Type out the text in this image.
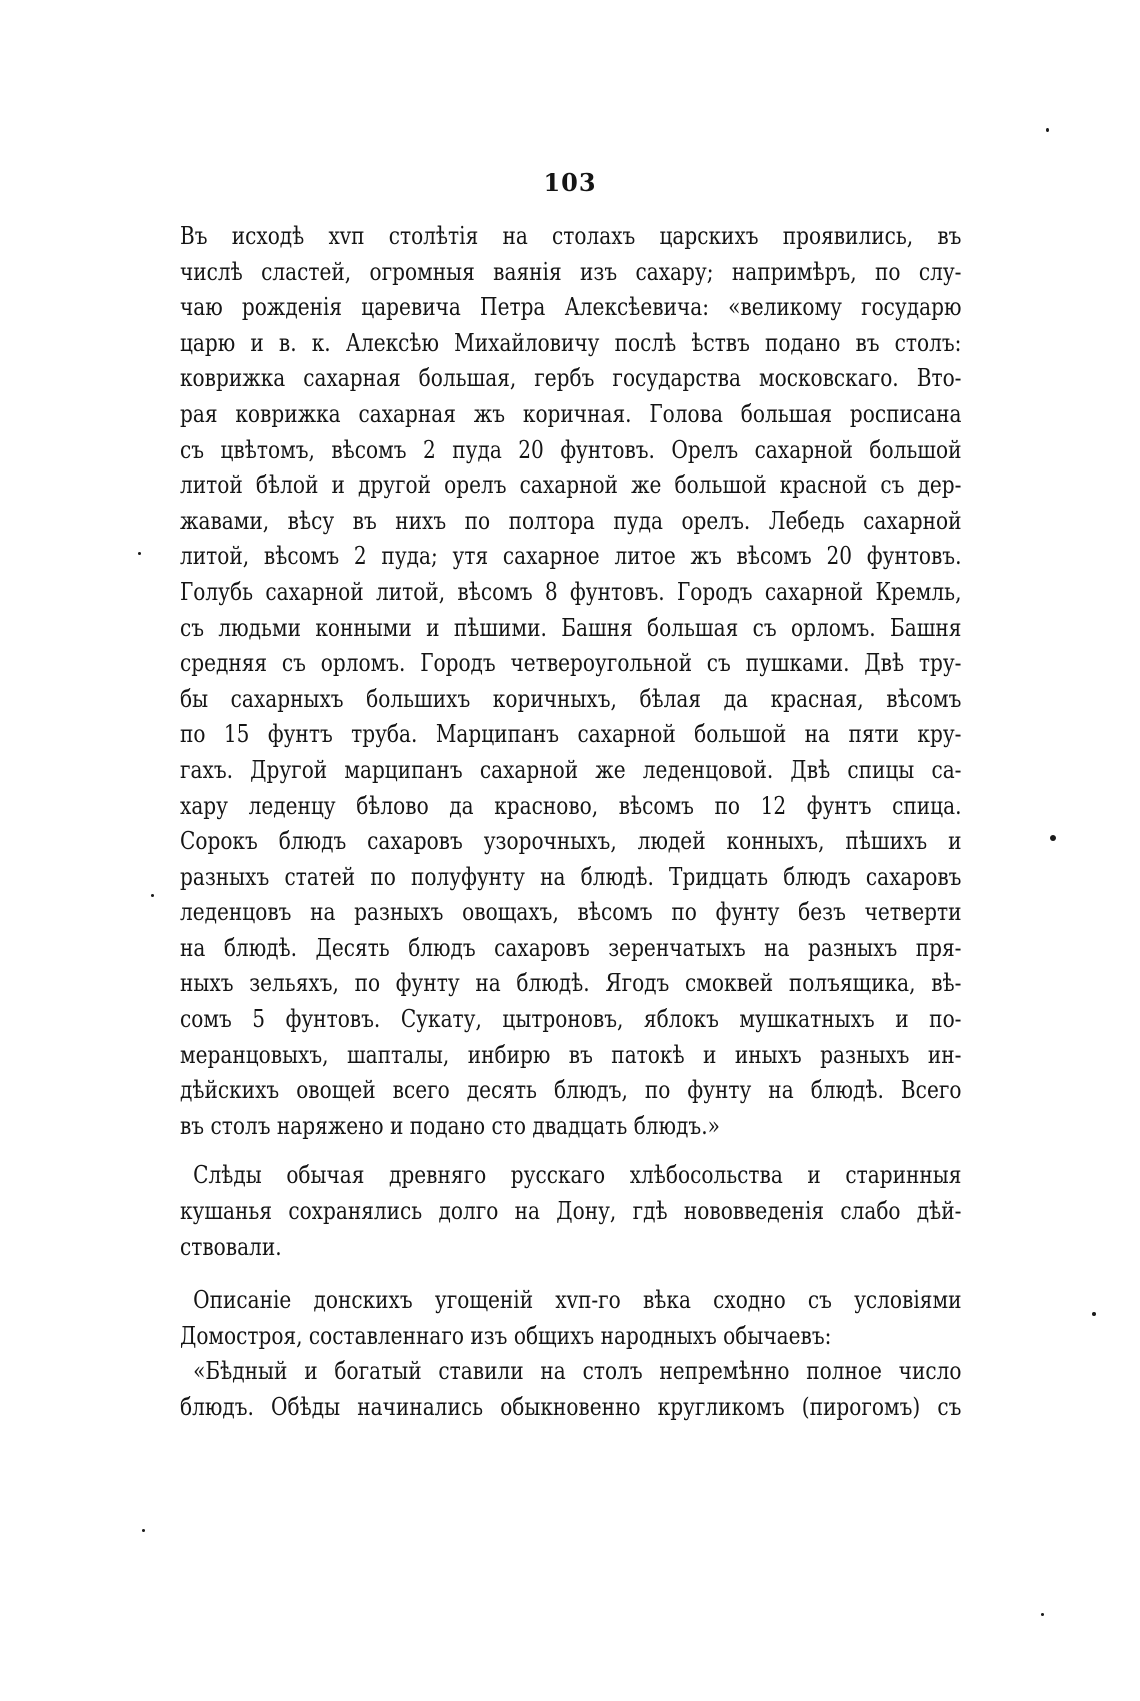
103
Въ исходѣ xvп столѣтія на столахъ царскихъ проявились, въ
числѣ сластей, огромныя ваянія изъ сахару; напримѣръ, по слу-
чаю рожденія царевича Петра Алексѣевича: «великому государю
царю и в. к. Алексѣю Михайловичу послѣ ѣствъ подано въ столъ:
коврижка сахарная большая, гербъ государства московскаго. Вто-
рая коврижка сахарная жъ коричная. Голова большая росписана
съ цвѣтомъ, вѣсомъ 2 пуда 20 фунтовъ. Орелъ сахарной большой
литой бѣлой и другой орелъ сахарной же большой красной съ дер-
жавами, вѣсу въ нихъ по полтора пуда орелъ. Лебедь сахарной
литой, вѣсомъ 2 пуда; утя сахарное литое жъ вѣсомъ 20 фунтовъ.
Голубь сахарной литой, вѣсомъ 8 фунтовъ. Городъ сахарной Кремль,
съ людьми конными и пѣшими. Башня большая съ орломъ. Башня
средняя съ орломъ. Городъ четвероугольной съ пушками. Двѣ тру-
бы сахарныхъ большихъ коричныхъ, бѣлая да красная, вѣсомъ
по 15 фунтъ труба. Марципанъ сахарной большой на пяти кру-
гахъ. Другой марципанъ сахарной же леденцовой. Двѣ спицы са-
хару леденцу бѣлово да красново, вѣсомъ по 12 фунтъ спица.
Сорокъ блюдъ сахаровъ узорочныхъ, людей конныхъ, пѣшихъ и
разныхъ статей по полуфунту на блюдѣ. Тридцать блюдъ сахаровъ
леденцовъ на разныхъ овощахъ, вѣсомъ по фунту безъ четверти
на блюдѣ. Десять блюдъ сахаровъ зеренчатыхъ на разныхъ пря-
ныхъ зельяхъ, по фунту на блюдѣ. Ягодъ смоквей полъящика, вѣ-
сомъ 5 фунтовъ. Сукату, цытроновъ, яблокъ мушкатныхъ и по-
меранцовыхъ, шапталы, инбирю въ патокѣ и иныхъ разныхъ ин-
дѣйскихъ овощей всего десять блюдъ, по фунту на блюдѣ. Всего
въ столъ наряжено и подано сто двадцать блюдъ.»
Слѣды обычая древняго русскаго хлѣбосольства и старинныя
кушанья сохранялись долго на Дону, гдѣ нововведенія слабо дѣй-
ствовали.
Описаніе донскихъ угощеній xvп-го вѣка сходно съ условіями
Домостроя, составленнаго изъ общихъ народныхъ обычаевъ:
«Бѣдный и богатый ставили на столъ непремѣнно полное число
блюдъ. Обѣды начинались обыкновенно кругликомъ (пирогомъ) съ
